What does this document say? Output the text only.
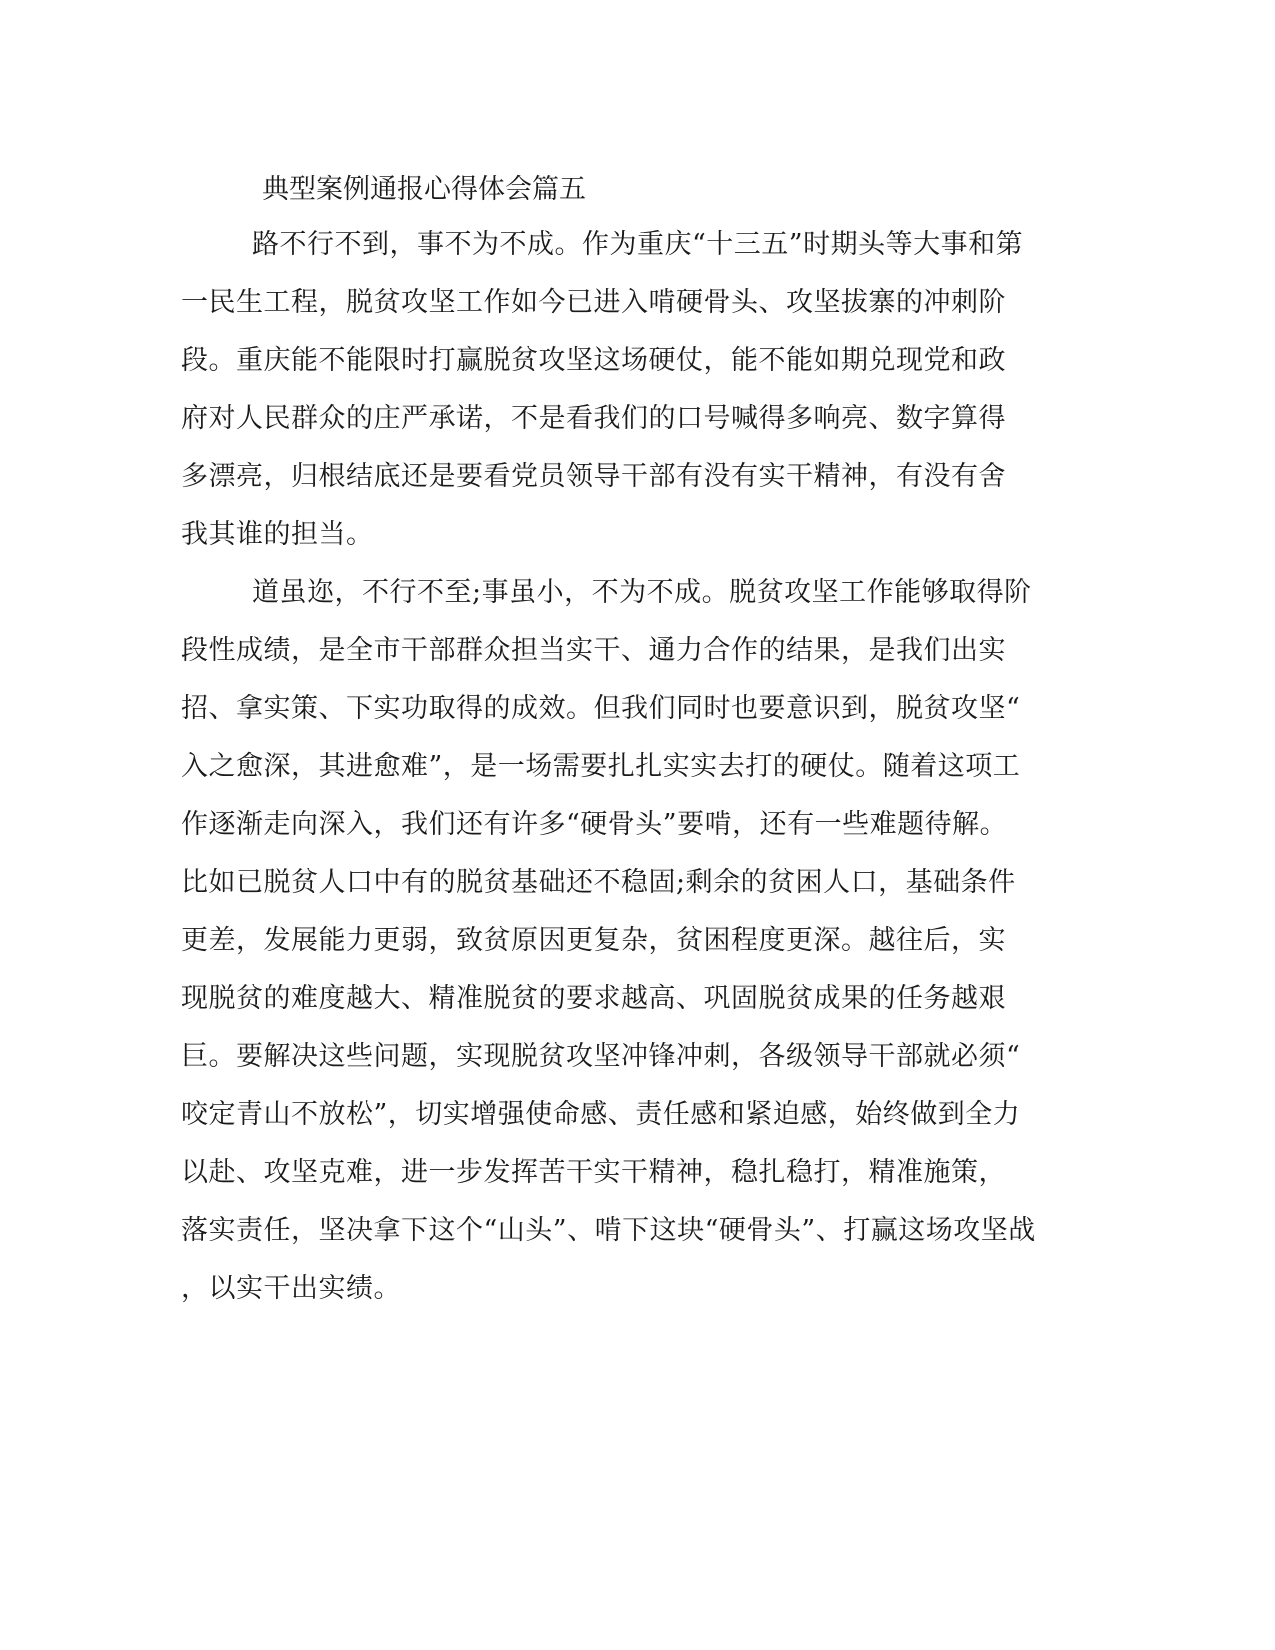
典型案例通报心得体会篇五
路不行不到，事不为不成。作为重庆“十三五”时期头等大事和第
一民生工程，脱贫攻坚工作如今已进入啃硬骨头、攻坚拔寨的冲刺阶
段。重庆能不能限时打赢脱贫攻坚这场硬仗，能不能如期兑现党和政
府对人民群众的庄严承诺，不是看我们的口号喊得多响亮、数字算得
多漂亮，归根结底还是要看党员领导干部有没有实干精神，有没有舍
我其谁的担当。
道虽迩，不行不至;事虽小，不为不成。脱贫攻坚工作能够取得阶
段性成绩，是全市干部群众担当实干、通力合作的结果，是我们出实
招、拿实策、下实功取得的成效。但我们同时也要意识到，脱贫攻坚“
入之愈深，其进愈难”，是一场需要扎扎实实去打的硬仗。随着这项工
作逐渐走向深入，我们还有许多“硬骨头”要啃，还有一些难题待解。
比如已脱贫人口中有的脱贫基础还不稳固;剩余的贫困人口，基础条件
更差，发展能力更弱，致贫原因更复杂，贫困程度更深。越往后，实
现脱贫的难度越大、精准脱贫的要求越高、巩固脱贫成果的任务越艰
巨。要解决这些问题，实现脱贫攻坚冲锋冲刺，各级领导干部就必须“
咬定青山不放松”，切实增强使命感、责任感和紧迫感，始终做到全力
以赴、攻坚克难，进一步发挥苦干实干精神，稳扎稳打，精准施策，
落实责任，坚决拿下这个“山头”、啃下这块“硬骨头”、打赢这场攻坚战
，以实干出实绩。
